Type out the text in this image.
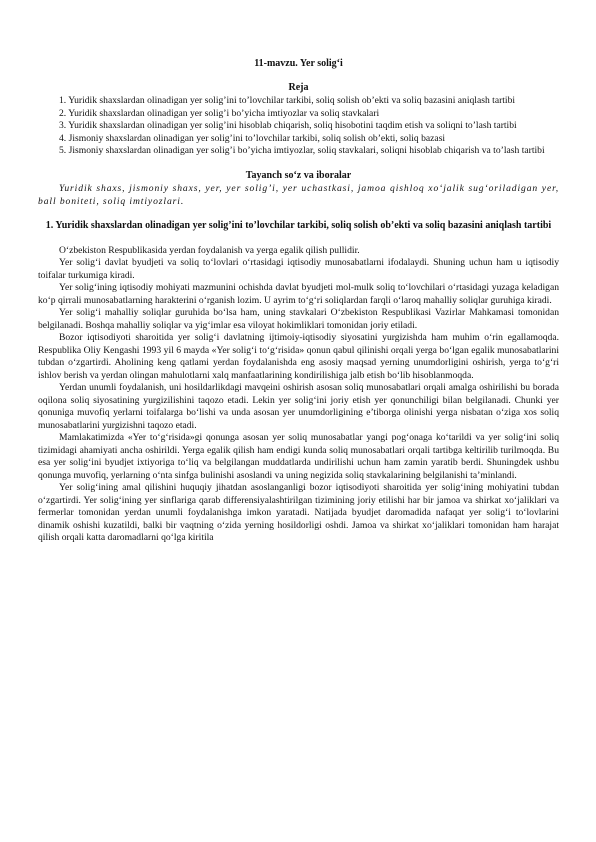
11-mavzu. Yer solig‘i

Reja

1. Yuridik shaxslardan olinadigan yer solig’ini to’lovchilar tarkibi, soliq solish ob’ekti va soliq bazasini aniqlash tartibi

2. Yuridik shaxslardan olinadigan yer solig’i bo’yicha imtiyozlar va soliq stavkalari

3. Yuridik shaxslardan olinadigan yer solig’ini hisoblab chiqarish, soliq hisobotini taqdim etish va soliqni to’lash tartibi

4. Jismoniy shaxslardan olinadigan yer solig’ini to’lovchilar tarkibi, soliq solish ob’ekti, soliq bazasi

5. Jismoniy shaxslardan olinadigan yer solig’i bo’yicha imtiyozlar, soliq stavkalari, soliqni hisoblab chiqarish va to’lash tartibi

Tayanch so‘z va iboralar

Yuridik shaxs, jismoniy shaxs, yer, yer solig’i, yer uchastkasi, jamoa qishloq xo‘jalik sug‘oriladigan yer, ball boniteti, soliq imtiyozlari.

1. Yuridik shaxslardan olinadigan yer solig’ini to’lovchilar tarkibi, soliq solish ob’ekti va soliq bazasini aniqlash tartibi

O‘zbekiston Respublikasida yerdan foydalanish va yerga egalik qilish pullidir.

Yer solig‘i davlat byudjeti va soliq to‘lovlari o‘rtasidagi iqtisodiy munosabatlarni ifodalaydi. Shuning uchun ham u iqtisodiy toifalar turkumiga kiradi.

Yer solig‘ining iqtisodiy mohiyati mazmunini ochishda davlat byudjeti mol-mulk soliq to‘lovchilari o‘rtasidagi yuzaga keladigan ko‘p qirrali munosabatlarning harakterini o‘rganish lozim. U ayrim to‘g‘ri soliqlardan farqli o‘laroq mahalliy soliqlar guruhiga kiradi.

Yer solig‘i mahalliy soliqlar guruhida bo‘lsa ham, uning stavkalari O‘zbekiston Respublikasi Vazirlar Mahkamasi tomonidan belgilanadi. Boshqa mahalliy soliqlar va yig‘imlar esa viloyat hokimliklari tomonidan joriy etiladi.

Bozor iqtisodiyoti sharoitida yer solig‘i davlatning ijtimoiy-iqtisodiy siyosatini yurgizishda ham muhim o‘rin egallamoqda. Respublika Oliy Kengashi 1993 yil 6 mayda «Yer solig‘i to‘g‘risida» qonun qabul qilinishi orqali yerga bo‘lgan egalik munosabatlarini tubdan o‘zgartirdi. Aholining keng qatlami yerdan foydalanishda eng asosiy maqsad yerning unumdorligini oshirish, yerga to‘g‘ri ishlov berish va yerdan olingan mahulotlarni xalq manfaatlarining kondirilishiga jalb etish bo‘lib hisoblanmoqda.

Yerdan unumli foydalanish, uni hosildarlikdagi mavqeini oshirish asosan soliq munosabatlari orqali amalga oshirilishi bu borada oqilona soliq siyosatining yurgizilishini taqozo etadi. Lekin yer solig‘ini joriy etish yer qonunchiligi bilan belgilanadi. Chunki yer qonuniga muvofiq yerlarni toifalarga bo‘lishi va unda asosan yer unumdorligining e’tiborga olinishi yerga nisbatan o‘ziga xos soliq munosabatlarini yurgizishni taqozo etadi.

Mamlakatimizda «Yer to‘g‘risida»gi qonunga asosan yer soliq munosabatlar yangi pog‘onaga ko‘tarildi va yer solig‘ini soliq tizimidagi ahamiyati ancha oshirildi. Yerga egalik qilish ham endigi kunda soliq munosabatlari orqali tartibga keltirilib turilmoqda. Bu esa yer solig‘ini byudjet ixtiyoriga to‘liq va belgilangan muddatlarda undirilishi uchun ham zamin yaratib berdi. Shuningdek ushbu qonunga muvofiq, yerlarning o‘nta sinfga bulinishi asoslandi va uning negizida soliq stavkalarining belgilanishi ta’minlandi.

Yer solig‘ining amal qilishini huquqiy jihatdan asoslanganligi bozor iqtisodiyoti sharoitida yer solig‘ining mohiyatini tubdan o‘zgartirdi. Yer solig‘ining yer sinflariga qarab differensiyalashtirilgan tizimining joriy etilishi har bir jamoa va shirkat xo‘jaliklari va fermerlar tomonidan yerdan unumli foydalanishga imkon yaratadi. Natijada byudjet daromadida nafaqat yer solig‘i to‘lovlarini dinamik oshishi kuzatildi, balki bir vaqtning o‘zida yerning hosildorligi oshdi. Jamoa va shirkat xo‘jaliklari tomonidan ham harajat qilish orqali katta daromadlarni qo‘lga kiritila
